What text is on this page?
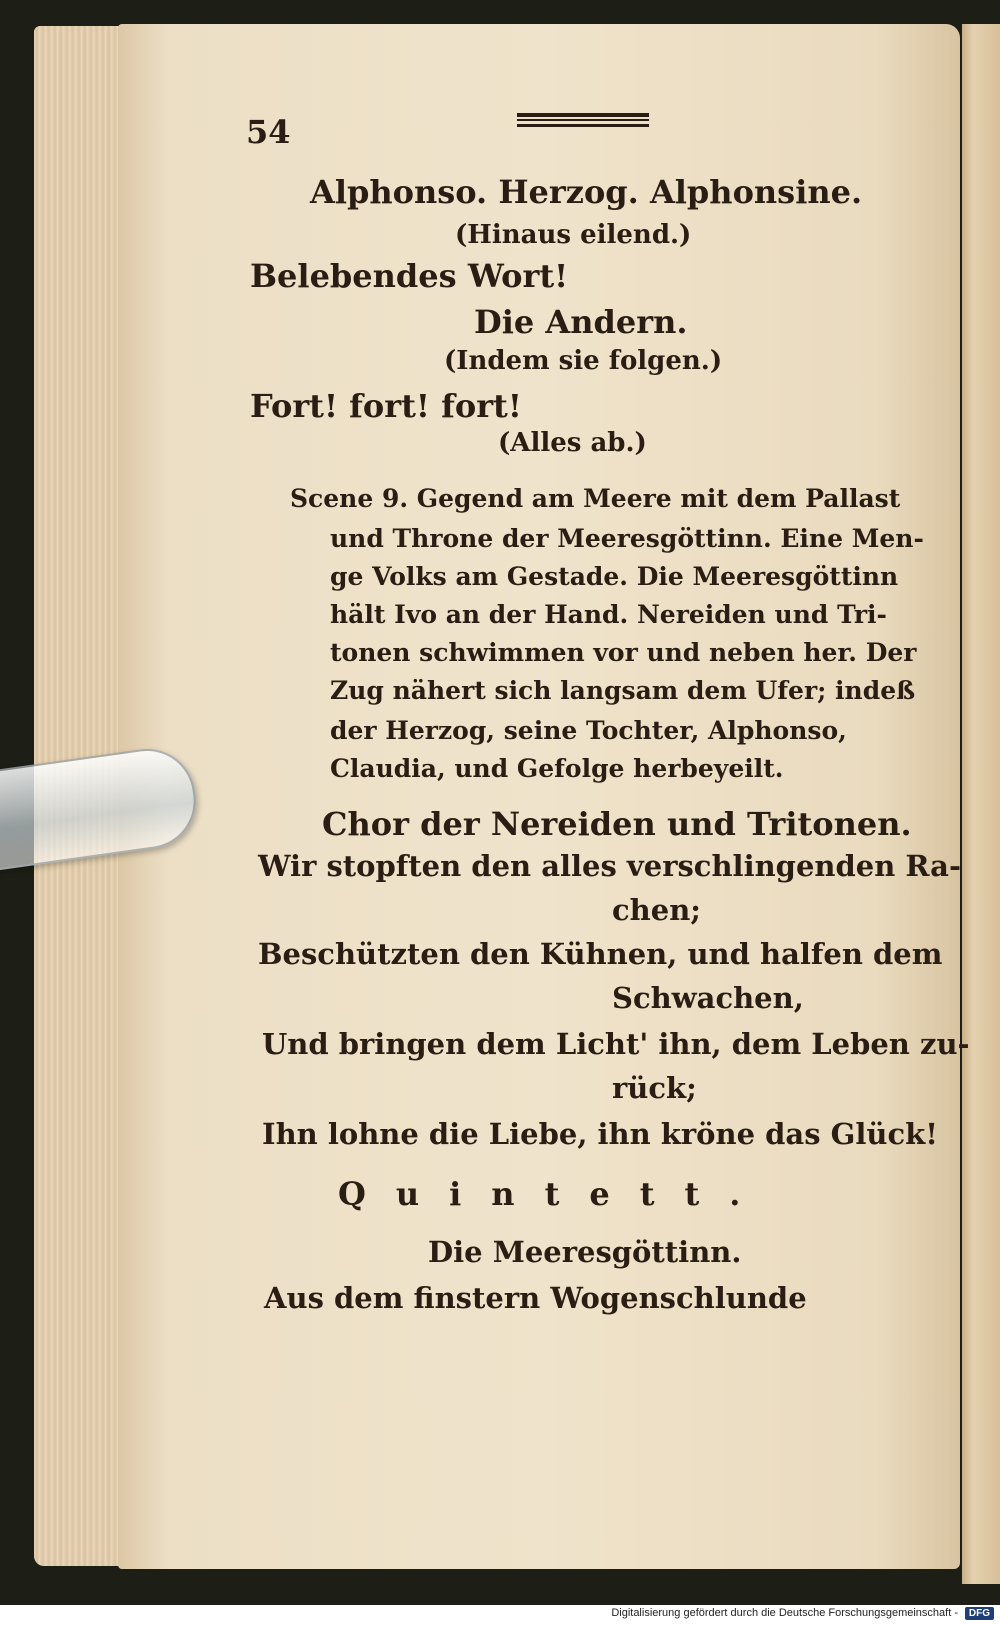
54
Alphonso. Herzog. Alphonsine.
(Hinaus eilend.)
Belebendes Wort!
Die Andern.
(Indem sie folgen.)
Fort! fort! fort!
(Alles ab.)
Scene 9. Gegend am Meere mit dem Pallast
und Throne der Meeresgöttinn. Eine Men-
ge Volks am Gestade. Die Meeresgöttinn
hält Ivo an der Hand. Nereiden und Tri-
tonen schwimmen vor und neben her. Der
Zug nähert sich langsam dem Ufer; indeß
der Herzog, seine Tochter, Alphonso,
Claudia, und Gefolge herbeyeilt.
Chor der Nereiden und Tritonen.
Wir stopften den alles verschlingenden Ra-
chen;
Beschützten den Kühnen, und halfen dem
Schwachen,
Und bringen dem Licht' ihn, dem Leben zu-
rück;
Ihn lohne die Liebe, ihn kröne das Glück!
Quintett.
Die Meeresgöttinn.
Aus dem finstern Wogenschlunde
Digitalisierung gefördert durch die Deutsche Forschungsgemeinschaft -	DFG
